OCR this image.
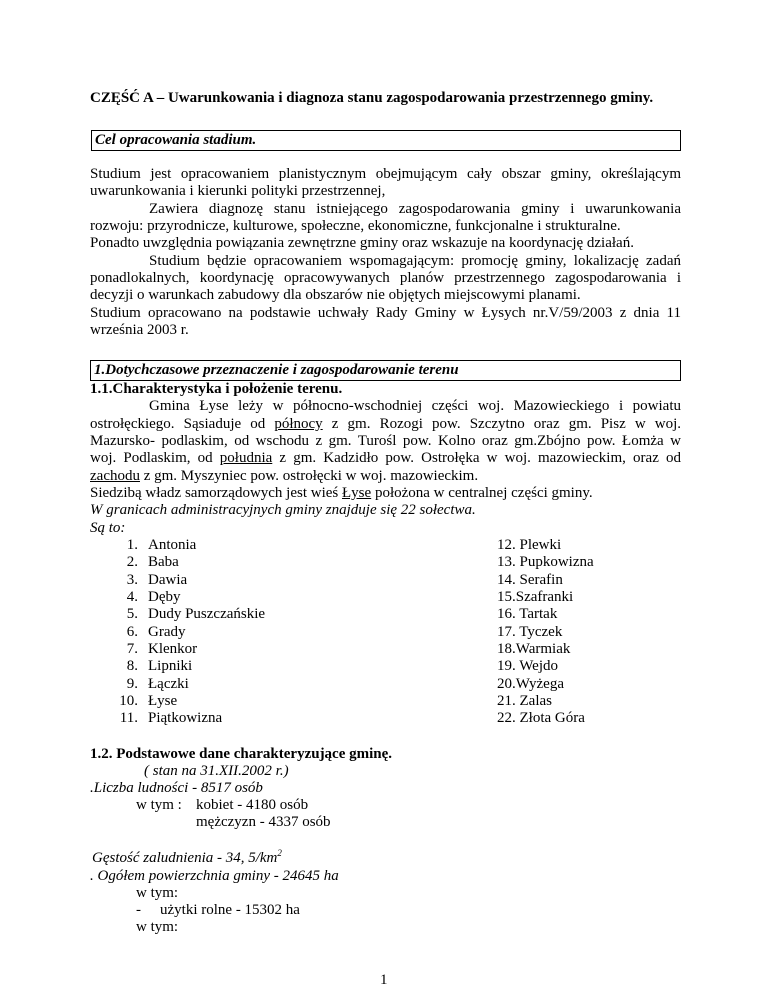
CZĘŚĆ A – Uwarunkowania i diagnoza stanu zagospodarowania przestrzennego gminy.
Cel opracowania stadium.
Studium jest opracowaniem planistycznym obejmującym cały obszar gminy, określającym
uwarunkowania i kierunki polityki przestrzennej,
Zawiera diagnozę stanu istniejącego zagospodarowania gminy i uwarunkowania
rozwoju: przyrodnicze, kulturowe, społeczne, ekonomiczne, funkcjonalne i strukturalne.
Ponadto uwzględnia powiązania zewnętrzne gminy oraz wskazuje na koordynację działań.
Studium będzie opracowaniem wspomagającym: promocję gminy, lokalizację zadań
ponadlokalnych, koordynację opracowywanych planów przestrzennego zagospodarowania i
decyzji o warunkach zabudowy dla obszarów nie objętych miejscowymi planami.
Studium opracowano na podstawie uchwały Rady Gminy w Łysych nr.V/59/2003 z dnia 11
września 2003 r.
1.Dotychczasowe przeznaczenie i zagospodarowanie terenu
1.1.Charakterystyka i położenie terenu.
Gmina Łyse leży w północno-wschodniej części woj. Mazowieckiego i powiatu
ostrołęckiego. Sąsiaduje od północy z gm. Rozogi pow. Szczytno oraz gm. Pisz w woj.
Mazursko- podlaskim, od wschodu z gm. Turośl pow. Kolno oraz gm.Zbójno pow. Łomża w
woj. Podlaskim, od południa z gm. Kadzidło pow. Ostrołęka w woj. mazowieckim, oraz od
zachodu z gm. Myszyniec pow. ostrołęcki w woj. mazowieckim.
Siedzibą władz samorządowych jest wieś Łyse położona w centralnej części gminy.
W granicach administracyjnych gminy znajduje się 22 sołectwa.
Są to:
1. Antonia
2. Baba
3. Dawia
4. Dęby
5. Dudy Puszczańskie
6. Grady
7. Klenkor
8. Lipniki
9. Łączki
10. Łyse
11. Piątkowizna
12. Plewki
13. Pupkowizna
14. Serafin
15.Szafranki
16. Tartak
17. Tyczek
18.Warmiak
19. Wejdo
20.Wyżega
21. Zalas
22. Złota Góra
1.2. Podstawowe dane charakteryzujące gminę.
( stan na 31.XII.2002 r.)
.Liczba ludności - 8517 osób
w tym : kobiet - 4180 osób
mężczyzn - 4337 osób
Gęstość zaludnienia - 34, $5/km^2$
. Ogółem powierzchnia gminy - 24645 ha
w tym:
- użytki rolne - 15302 ha
w tym:
1
